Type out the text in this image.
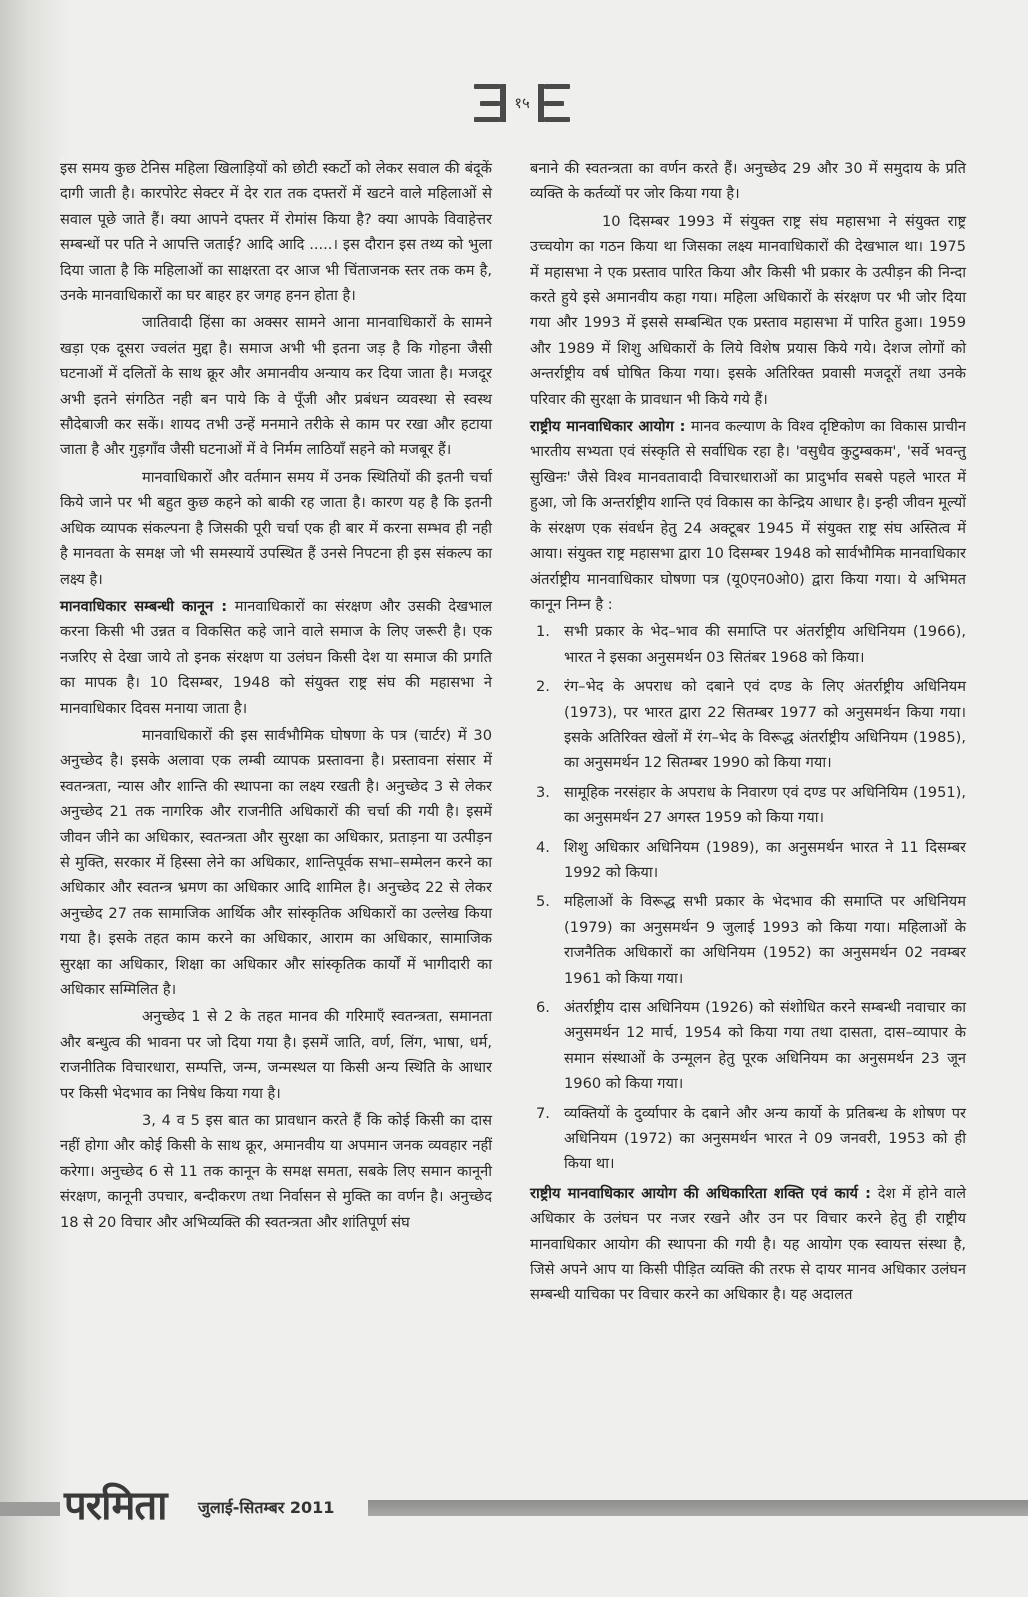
१५

इस समय कुछ टेनिस महिला खिलाड़ियों को छोटी स्कर्टो को लेकर सवाल की बंदूकें दागी जाती है। कारपोरेट सेक्टर में देर रात तक दफ्तरों में खटने वाले महिलाओं से सवाल पूछे जाते हैं। क्या आपने दफ्तर में रोमांस किया है? क्या आपके विवाहेत्तर सम्बन्धों पर पति ने आपत्ति जताई? आदि आदि .....। इस दौरान इस तथ्य को भुला दिया जाता है कि महिलाओं का साक्षरता दर आज भी चिंताजनक स्तर तक कम है, उनके मानवाधिकारों का घर बाहर हर जगह हनन होता है।

जातिवादी हिंसा का अक्सर सामने आना मानवाधिकारों के सामने खड़ा एक दूसरा ज्वलंत मुद्दा है। समाज अभी भी इतना जड़ है कि गोहना जैसी घटनाओं में दलितों के साथ क्रूर और अमानवीय अन्याय कर दिया जाता है। मजदूर अभी इतने संगठित नही बन पाये कि वे पूँजी और प्रबंधन व्यवस्था से स्वस्थ सौदेबाजी कर सकें। शायद तभी उन्हें मनमाने तरीके से काम पर रखा और हटाया जाता है और गुड़गाँव जैसी घटनाओं में वे निर्मम लाठियाँ सहने को मजबूर हैं।

मानवाधिकारों और वर्तमान समय में उनक स्थितियों की इतनी चर्चा किये जाने पर भी बहुत कुछ कहने को बाकी रह जाता है। कारण यह है कि इतनी अधिक व्यापक संकल्पना है जिसकी पूरी चर्चा एक ही बार में करना सम्भव ही नही है मानवता के समक्ष जो भी समस्यायें उपस्थित हैं उनसे निपटना ही इस संकल्प का लक्ष्य है।

मानवाधिकार सम्बन्धी कानून : मानवाधिकारों का संरक्षण और उसकी देखभाल करना किसी भी उन्नत व विकसित कहे जाने वाले समाज के लिए जरूरी है। एक नजरिए से देखा जाये तो इनक संरक्षण या उलंघन किसी देश या समाज की प्रगति का मापक है। 10 दिसम्बर, 1948 को संयुक्त राष्ट्र संघ की महासभा ने मानवाधिकार दिवस मनाया जाता है।

मानवाधिकारों की इस सार्वभौमिक घोषणा के पत्र (चार्टर) में 30 अनुच्छेद है। इसके अलावा एक लम्बी व्यापक प्रस्तावना है। प्रस्तावना संसार में स्वतन्त्रता, न्यास और शान्ति की स्थापना का लक्ष्य रखती है। अनुच्छेद 3 से लेकर अनुच्छेद 21 तक नागरिक और राजनीति अधिकारों की चर्चा की गयी है। इसमें जीवन जीने का अधिकार, स्वतन्त्रता और सुरक्षा का अधिकार, प्रताड़ना या उत्पीड़न से मुक्ति, सरकार में हिस्सा लेने का अधिकार, शान्तिपूर्वक सभा–सम्मेलन करने का अधिकार और स्वतन्त्र भ्रमण का अधिकार आदि शामिल है। अनुच्छेद 22 से लेकर अनुच्छेद 27 तक सामाजिक आर्थिक और सांस्कृतिक अधिकारों का उल्लेख किया गया है। इसके तहत काम करने का अधिकार, आराम का अधिकार, सामाजिक सुरक्षा का अधिकार, शिक्षा का अधिकार और सांस्कृतिक कार्यों में भागीदारी का अधिकार सम्मिलित है।

अनुच्छेद 1 से 2 के तहत मानव की गरिमाएँ स्वतन्त्रता, समानता और बन्धुत्व की भावना पर जो दिया गया है। इसमें जाति, वर्ण, लिंग, भाषा, धर्म, राजनीतिक विचारधारा, सम्पत्ति, जन्म, जन्मस्थल या किसी अन्य स्थिति के आधार पर किसी भेदभाव का निषेध किया गया है।

3, 4 व 5 इस बात का प्रावधान करते हैं कि कोई किसी का दास नहीं होगा और कोई किसी के साथ क्रूर, अमानवीय या अपमान जनक व्यवहार नहीं करेगा। अनुच्छेद 6 से 11 तक कानून के समक्ष समता, सबके लिए समान कानूनी संरक्षण, कानूनी उपचार, बन्दीकरण तथा निर्वासन से मुक्ति का वर्णन है। अनुच्छेद 18 से 20 विचार और अभिव्यक्ति की स्वतन्त्रता और शांतिपूर्ण संघ

बनाने की स्वतन्त्रता का वर्णन करते हैं। अनुच्छेद 29 और 30 में समुदाय के प्रति व्यक्ति के कर्तव्यों पर जोर किया गया है।

10 दिसम्बर 1993 में संयुक्त राष्ट्र संघ महासभा ने संयुक्त राष्ट्र उच्चयोग का गठन किया था जिसका लक्ष्य मानवाधिकारों की देखभाल था। 1975 में महासभा ने एक प्रस्ताव पारित किया और किसी भी प्रकार के उत्पीड़न की निन्दा करते हुये इसे अमानवीय कहा गया। महिला अधिकारों के संरक्षण पर भी जोर दिया गया और 1993 में इससे सम्बन्धित एक प्रस्ताव महासभा में पारित हुआ। 1959 और 1989 में शिशु अधिकारों के लिये विशेष प्रयास किये गये। देशज लोगों को अन्तर्राष्ट्रीय वर्ष घोषित किया गया। इसके अतिरिक्त प्रवासी मजदूरों तथा उनके परिवार की सुरक्षा के प्रावधान भी किये गये हैं।

राष्ट्रीय मानवाधिकार आयोग : मानव कल्याण के विश्व दृष्टिकोण का विकास प्राचीन भारतीय सभ्यता एवं संस्कृति से सर्वाधिक रहा है। 'वसुधैव कुटुम्बकम', 'सर्वे भवन्तु सुखिनः' जैसे विश्व मानवतावादी विचारधाराओं का प्रादुर्भाव सबसे पहले भारत में हुआ, जो कि अन्तर्राष्ट्रीय शान्ति एवं विकास का केन्द्रिय आधार है। इन्ही जीवन मूल्यों के संरक्षण एक संवर्धन हेतु 24 अक्टूबर 1945 में संयुक्त राष्ट्र संघ अस्तित्व में आया। संयुक्त राष्ट्र महासभा द्वारा 10 दिसम्बर 1948 को सार्वभौमिक मानवाधिकार अंतर्राष्ट्रीय मानवाधिकार घोषणा पत्र (यू0एन0ओ0) द्वारा किया गया। ये अभिमत कानून निम्न है :

1. सभी प्रकार के भेद–भाव की समाप्ति पर अंतर्राष्ट्रीय अधिनियम (1966), भारत ने इसका अनुसमर्थन 03 सितंबर 1968 को किया।
2. रंग–भेद के अपराध को दबाने एवं दण्ड के लिए अंतर्राष्ट्रीय अधिनियम (1973), पर भारत द्वारा 22 सितम्बर 1977 को अनुसमर्थन किया गया। इसके अतिरिक्त खेलों में रंग–भेद के विरूद्ध अंतर्राष्ट्रीय अधिनियम (1985), का अनुसमर्थन 12 सितम्बर 1990 को किया गया।
3. सामूहिक नरसंहार के अपराध के निवारण एवं दण्ड पर अधिनियिम (1951), का अनुसमर्थन 27 अगस्त 1959 को किया गया।
4. शिशु अधिकार अधिनियम (1989), का अनुसमर्थन भारत ने 11 दिसम्बर 1992 को किया।
5. महिलाओं के विरूद्ध सभी प्रकार के भेदभाव की समाप्ति पर अधिनियम (1979) का अनुसमर्थन 9 जुलाई 1993 को किया गया। महिलाओं के राजनैतिक अधिकारों का अधिनियम (1952) का अनुसमर्थन 02 नवम्बर 1961 को किया गया।
6. अंतर्राष्ट्रीय दास अधिनियम (1926) को संशोधित करने सम्बन्धी नवाचार का अनुसमर्थन 12 मार्च, 1954 को किया गया तथा दासता, दास–व्यापार के समान संस्थाओं के उन्मूलन हेतु पूरक अधिनियम का अनुसमर्थन 23 जून 1960 को किया गया।
7. व्यक्तियों के दुर्व्यापार के दबाने और अन्य कार्यो के प्रतिबन्ध के शोषण पर अधिनियम (1972) का अनुसमर्थन भारत ने 09 जनवरी, 1953 को ही किया था।

राष्ट्रीय मानवाधिकार आयोग की अधिकारिता शक्ति एवं कार्य : देश में होने वाले अधिकार के उलंघन पर नजर रखने और उन पर विचार करने हेतु ही राष्ट्रीय मानवाधिकार आयोग की स्थापना की गयी है। यह आयोग एक स्वायत्त संस्था है, जिसे अपने आप या किसी पीड़ित व्यक्ति की तरफ से दायर मानव अधिकार उलंघन सम्बन्धी याचिका पर विचार करने का अधिकार है। यह अदालत

परमिता जुलाई-सितम्बर 2011
